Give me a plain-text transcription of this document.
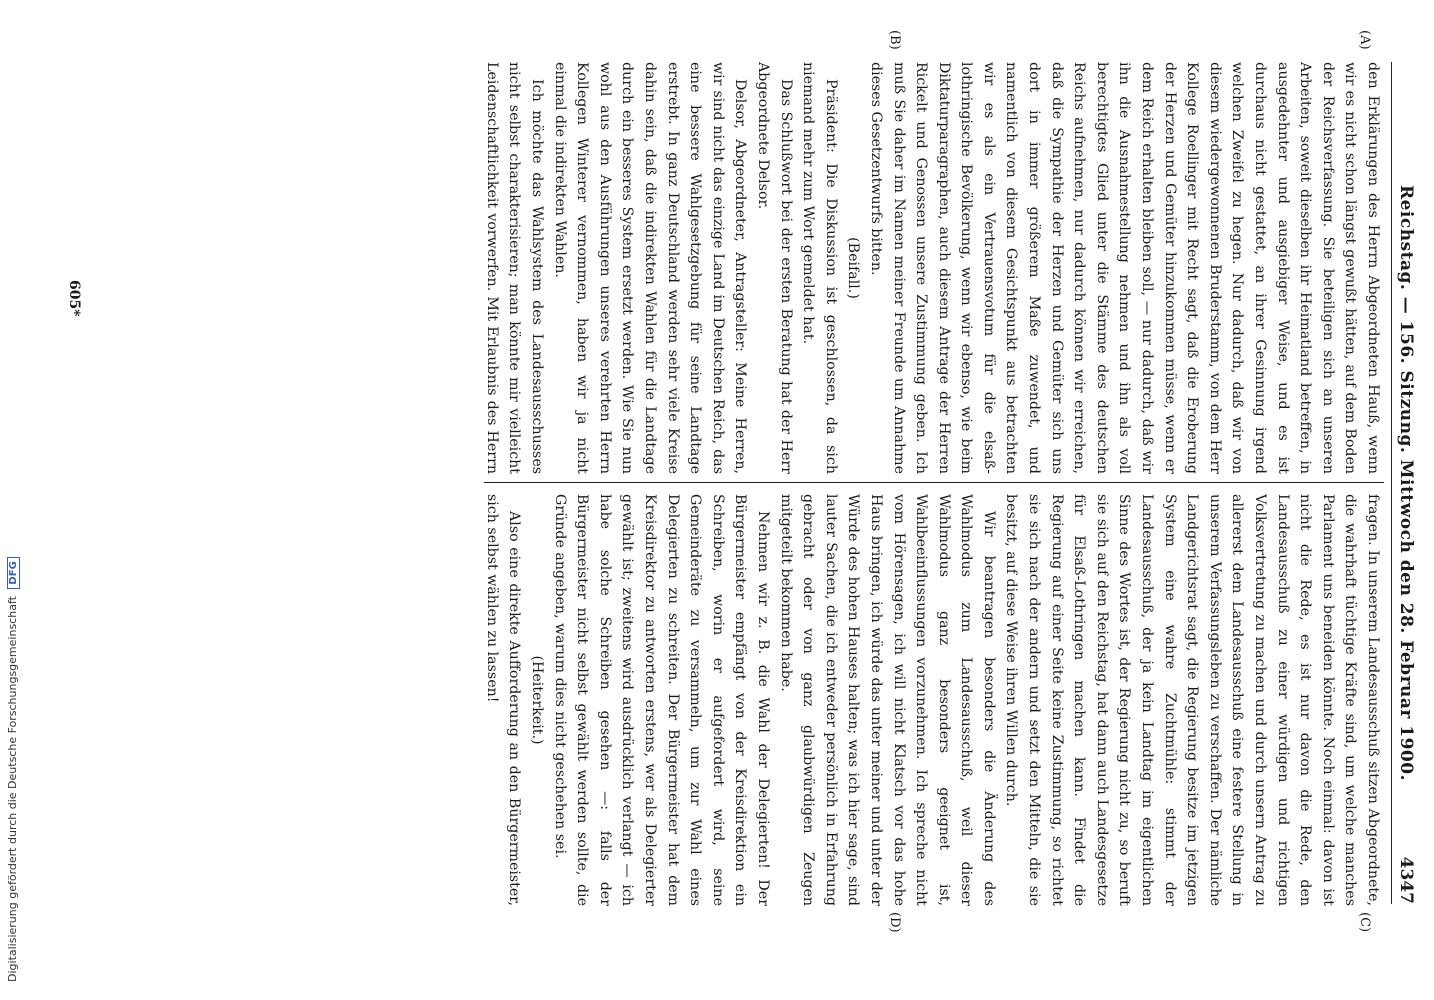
Reichstag. — 156. Sitzung. Mittwoch den 28. Februar 1900.
4347
(A)
(B)
(C)
(D)

den Erklärungen des Herrn Abgeordneten Hauß, wenn wir es nicht schon längst gewußt hätten, auf dem Boden der Reichsverfassung. Sie beteiligen sich an unseren Arbeiten, soweit dieselben ihr Heimatland betreffen, in ausgedehnter und ausgiebiger Weise, und es ist durchaus nicht gestattet, an ihrer Gesinnung irgend welchen Zweifel zu hegen. Nur dadurch, daß wir von diesem wiedergewonnenen Bruderstamm, von dem Herr Kollege Roellinger mit Recht sagt, daß die Eroberung der Herzen und Gemüter hinzukommen müsse, wenn er dem Reich erhalten bleiben soll, — nur dadurch, daß wir ihn die Ausnahmestellung nehmen und ihn als voll berechtigtes Glied unter die Stämme des deutschen Reichs aufnehmen, nur dadurch können wir erreichen, daß die Sympathie der Herzen und Gemüter sich uns dort in immer größerem Maße zuwendet, und namentlich von diesem Gesichtspunkt aus betrachten wir es als ein Vertrauensvotum für die elsaß-lothringische Bevölkerung, wenn wir ebenso, wie beim Diktaturparagraphen, auch diesem Antrage der Herren Rickelt und Genossen unsere Zustimmung geben. Ich muß Sie daher im Namen meiner Freunde um Annahme dieses Gesetzentwurfs bitten.

(Beifall.)

Präsident: Die Diskussion ist geschlossen, da sich niemand mehr zum Wort gemeldet hat.

Das Schlußwort bei der ersten Beratung hat der Herr Abgeordnete Delsor.

Delsor, Abgeordneter, Antragsteller: Meine Herren, wir sind nicht das einzige Land im Deutschen Reich, das eine bessere Wahlgesetzgebung für seine Landtage erstrebt. In ganz Deutschland werden sehr viele Kreise dahin sein, daß die indirekten Wahlen für die Landtage durch ein besseres System ersetzt werden. Wie Sie nun wohl aus den Ausführungen unseres verehrten Herrn Kollegen Winterer vernommen, haben wir ja nicht einmal die indirekten Wahlen.

Ich möchte das Wahlsystem des Landesausschusses nicht selbst charakterisieren; man könnte mir vielleicht Leidenschaftlichkeit vorwerfen. Mit Erlaubnis des Herrn

fragen. In unserem Landesausschuß sitzen Abgeordnete, die wahrhaft tüchtige Kräfte sind, um welche manches Parlament uns beneiden könnte. Noch einmal: davon ist nicht die Rede, es ist nur davon die Rede, den Landesausschuß zu einer würdigen und richtigen Volksvertretung zu machen und durch unsern Antrag zu allererst dem Landesausschuß eine festere Stellung in unserem Verfassungsleben zu verschaffen. Der nämliche Landgerichtsrat sagt, die Regierung besitze im jetzigen System eine wahre Zuchtmühle: stimmt der Landesausschuß, der ja kein Landtag im eigentlichen Sinne des Wortes ist, der Regierung nicht zu, so beruft sie sich auf den Reichstag, hat dann auch Landesgesetze für Elsaß-Lothringen machen kann. Findet die Regierung auf einer Seite keine Zustimmung, so richtet sie sich nach der andern und setzt den Mitteln, die sie besitzt, auf diese Weise ihren Willen durch.

Wir beantragen besonders die Änderung des Wahlmodus zum Landesausschuß, weil dieser Wahlmodus ganz besonders geeignet ist, Wahlbeeinflussungen vorzunehmen. Ich spreche nicht vom Hörensagen, ich will nicht Klatsch vor das hohe Haus bringen, ich würde das unter meiner und unter der Würde des hohen Hauses halten; was ich hier sage, sind lauter Sachen, die ich entweder persönlich in Erfahrung gebracht oder von ganz glaubwürdigen Zeugen mitgeteilt bekommen habe.

Nehmen wir z. B. die Wahl der Delegierten! Der Bürgermeister empfängt von der Kreisdirektion ein Schreiben, worin er aufgefordert wird, seine Gemeinderäte zu versammeln, um zur Wahl eines Delegierten zu schreiten. Der Bürgermeister hat dem Kreisdirektor zu antworten erstens, wer als Delegierter gewählt ist; zweitens wird ausdrücklich verlangt — ich habe solche Schreiben gesehen —: falls der Bürgermeister nicht selbst gewählt werden sollte, die Gründe angeben, warum dies nicht geschehen sei.

(Heiterkeit.)

Also eine direkte Aufforderung an den Bürgermeister, sich selbst wählen zu lassen!

605*
Digitalisierung gefördert durch die Deutsche Forschungsgemeinschaft DFG
